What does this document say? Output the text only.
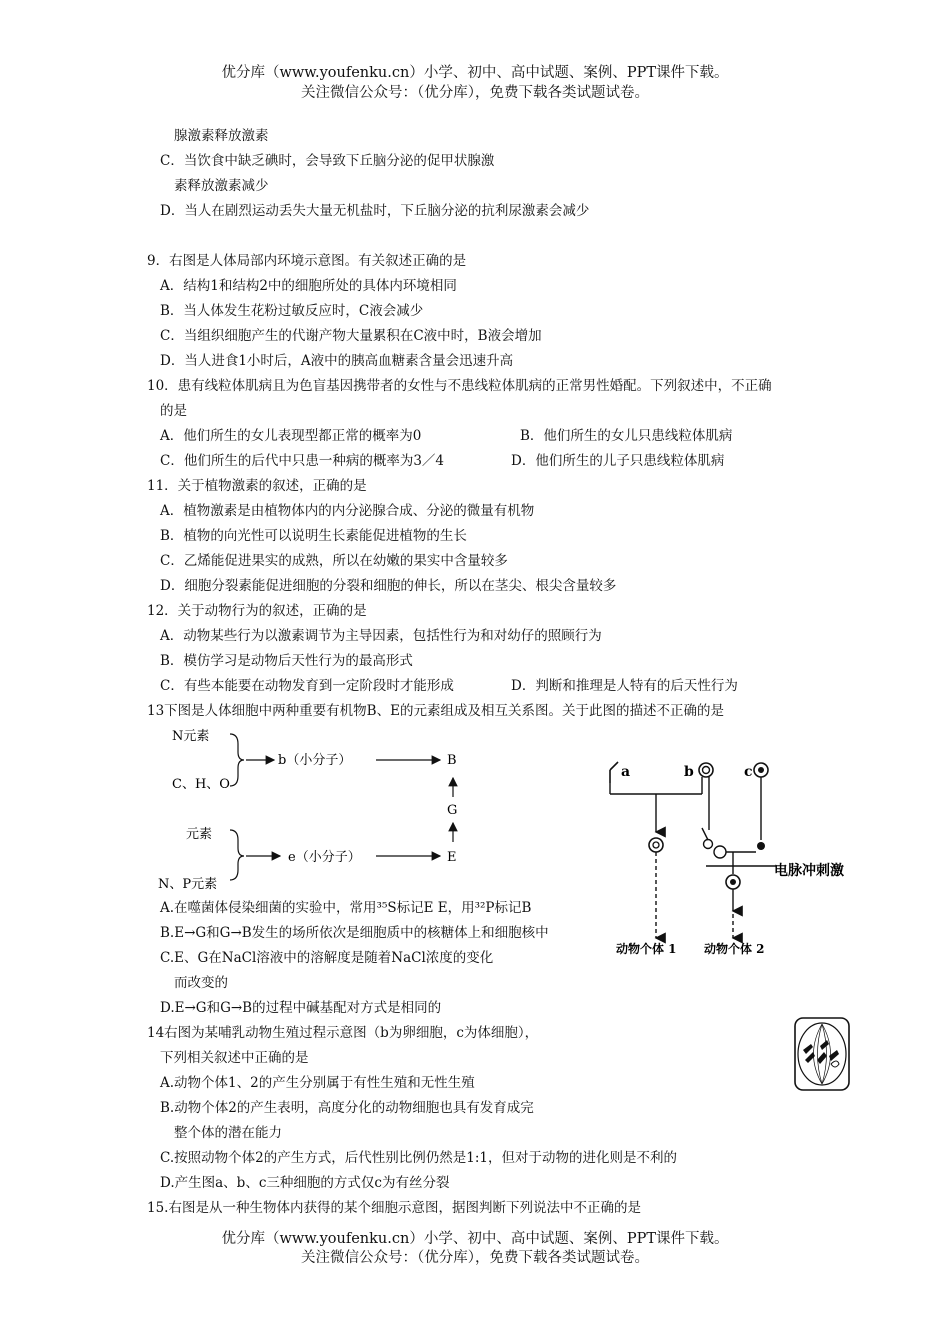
优分库（www.youfenku.cn）小学、初中、高中试题、案例、PPT课件下载。
关注微信公众号：（优分库），免费下载各类试题试卷。
腺激素释放激素
C．当饮食中缺乏碘时，会导致下丘脑分泌的促甲状腺激
素释放激素减少
D．当人在剧烈运动丢失大量无机盐时，下丘脑分泌的抗利尿激素会减少
9．右图是人体局部内环境示意图。有关叙述正确的是
A．结构1和结构2中的细胞所处的具体内环境相同
B．当人体发生花粉过敏反应时，C液会减少
C．当组织细胞产生的代谢产物大量累积在C液中时，B液会增加
D．当人进食1小时后，A液中的胰高血糖素含量会迅速升高
10．患有线粒体肌病且为色盲基因携带者的女性与不患线粒体肌病的正常男性婚配。下列叙述中，不正确
的是
A．他们所生的女儿表现型都正常的概率为0	B．他们所生的女儿只患线粒体肌病
C．他们所生的后代中只患一种病的概率为3／4	D．他们所生的儿子只患线粒体肌病
11．关于植物激素的叙述，正确的是
A．植物激素是由植物体内的内分泌腺合成、分泌的微量有机物
B．植物的向光性可以说明生长素能促进植物的生长
C．乙烯能促进果实的成熟，所以在幼嫩的果实中含量较多
D．细胞分裂素能促进细胞的分裂和细胞的伸长，所以在茎尖、根尖含量较多
12．关于动物行为的叙述，正确的是
A．动物某些行为以激素调节为主导因素，包括性行为和对幼仔的照顾行为
B．模仿学习是动物后天性行为的最高形式
C．有些本能要在动物发育到一定阶段时才能形成	D．判断和推理是人特有的后天性行为
13下图是人体细胞中两种重要有机物B、E的元素组成及相互关系图。关于此图的描述不正确的是
N元素
C、H、O
b（小分子）	B
G
元素
e（小分子）	E
N、P元素
A.在噬菌体侵染细菌的实验中，常用³⁵S标记E E，用³²P标记B
B.E→G和G→B发生的场所依次是细胞质中的核糖体上和细胞核中
C.E、G在NaCl溶液中的溶解度是随着NaCl浓度的变化
而改变的
D.E→G和G→B的过程中碱基配对方式是相同的
a	b	c
电脉冲刺激
动物个体 1 动物个体 2
14右图为某哺乳动物生殖过程示意图（b为卵细胞，c为体细胞），
下列相关叙述中正确的是
A.动物个体1、2的产生分别属于有性生殖和无性生殖
B.动物个体2的产生表明，高度分化的动物细胞也具有发育成完
整个体的潜在能力
C.按照动物个体2的产生方式，后代性别比例仍然是1:1，但对于动物的进化则是不利的
D.产生图a、b、c三种细胞的方式仅c为有丝分裂
15.右图是从一种生物体内获得的某个细胞示意图，据图判断下列说法中不正确的是
优分库（www.youfenku.cn）小学、初中、高中试题、案例、PPT课件下载。
关注微信公众号：（优分库），免费下载各类试题试卷。
